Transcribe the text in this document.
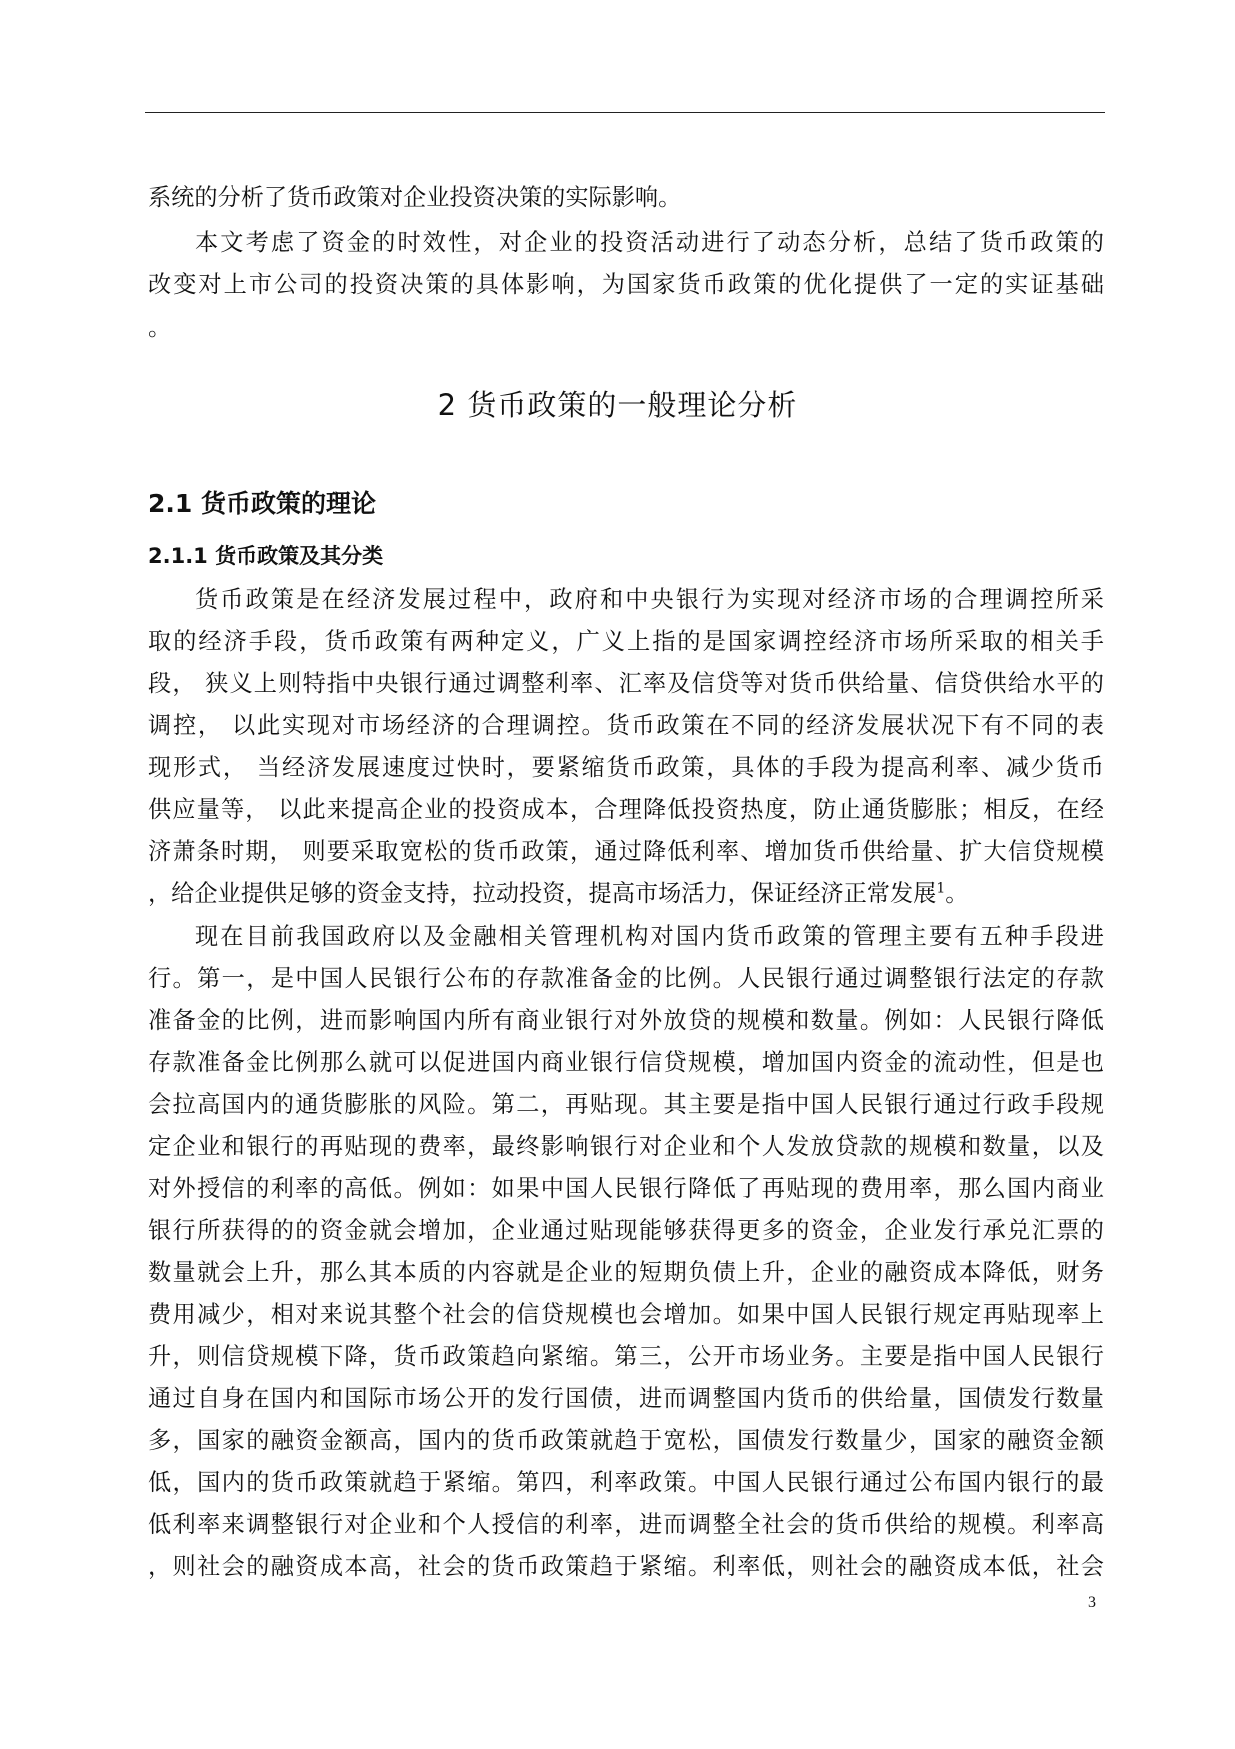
系统的分析了货币政策对企业投资决策的实际影响。
本文考虑了资金的时效性，对企业的投资活动进行了动态分析，总结了货币政策的
改变对上市公司的投资决策的具体影响，为国家货币政策的优化提供了一定的实证基础
。
2 货币政策的一般理论分析
2.1 货币政策的理论
2.1.1 货币政策及其分类
货币政策是在经济发展过程中，政府和中央银行为实现对经济市场的合理调控所采
取的经济手段，货币政策有两种定义，广义上指的是国家调控经济市场所采取的相关手
段， 狭义上则特指中央银行通过调整利率、汇率及信贷等对货币供给量、信贷供给水平的
调控， 以此实现对市场经济的合理调控。货币政策在不同的经济发展状况下有不同的表
现形式， 当经济发展速度过快时，要紧缩货币政策，具体的手段为提高利率、减少货币
供应量等， 以此来提高企业的投资成本，合理降低投资热度，防止通货膨胀；相反，在经
济萧条时期， 则要采取宽松的货币政策，通过降低利率、增加货币供给量、扩大信贷规模
，给企业提供足够的资金支持，拉动投资，提高市场活力，保证经济正常发展$^1$。
现在目前我国政府以及金融相关管理机构对国内货币政策的管理主要有五种手段进
行。第一，是中国人民银行公布的存款准备金的比例。人民银行通过调整银行法定的存款
准备金的比例，进而影响国内所有商业银行对外放贷的规模和数量。例如：人民银行降低
存款准备金比例那么就可以促进国内商业银行信贷规模，增加国内资金的流动性，但是也
会拉高国内的通货膨胀的风险。第二，再贴现。其主要是指中国人民银行通过行政手段规
定企业和银行的再贴现的费率，最终影响银行对企业和个人发放贷款的规模和数量，以及
对外授信的利率的高低。例如：如果中国人民银行降低了再贴现的费用率，那么国内商业
银行所获得的的资金就会增加，企业通过贴现能够获得更多的资金，企业发行承兑汇票的
数量就会上升，那么其本质的内容就是企业的短期负债上升，企业的融资成本降低，财务
费用减少，相对来说其整个社会的信贷规模也会增加。如果中国人民银行规定再贴现率上
升，则信贷规模下降，货币政策趋向紧缩。第三，公开市场业务。主要是指中国人民银行
通过自身在国内和国际市场公开的发行国债，进而调整国内货币的供给量，国债发行数量
多，国家的融资金额高，国内的货币政策就趋于宽松，国债发行数量少，国家的融资金额
低，国内的货币政策就趋于紧缩。第四，利率政策。中国人民银行通过公布国内银行的最
低利率来调整银行对企业和个人授信的利率，进而调整全社会的货币供给的规模。利率高
，则社会的融资成本高，社会的货币政策趋于紧缩。利率低，则社会的融资成本低，社会
3
